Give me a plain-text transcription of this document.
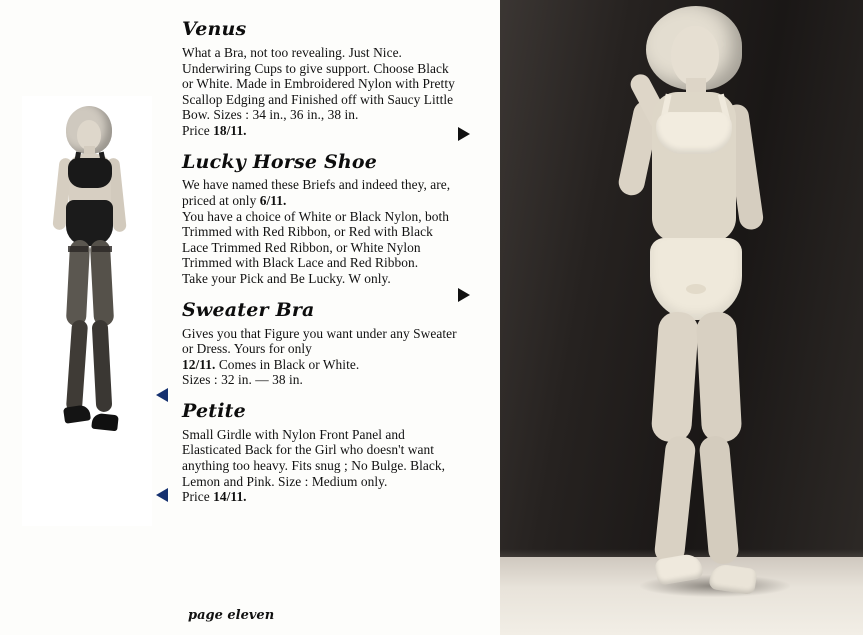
Venus

What a Bra, not too revealing. Just Nice. Underwiring Cups to give support. Choose Black or White. Made in Embroidered Nylon with Pretty Scallop Edging and Finished off with Saucy Little Bow. Sizes : 34 in., 36 in., 38 in.
Price 18/11.

Lucky Horse Shoe

We have named these Briefs and indeed they, are, priced at only 6/11.
You have a choice of White or Black Nylon, both Trimmed with Red Ribbon, or Red with Black Lace Trimmed Red Ribbon, or White Nylon Trimmed with Black Lace and Red Ribbon.
Take your Pick and Be Lucky. W only.

Sweater Bra

Gives you that Figure you want under any Sweater or Dress. Yours for only
12/11. Comes in Black or White.
Sizes : 32 in. — 38 in.

Petite

Small Girdle with Nylon Front Panel and Elasticated Back for the Girl who doesn't want anything too heavy. Fits snug ; No Bulge. Black, Lemon and Pink. Size : Medium only.
Price 14/11.

page eleven
